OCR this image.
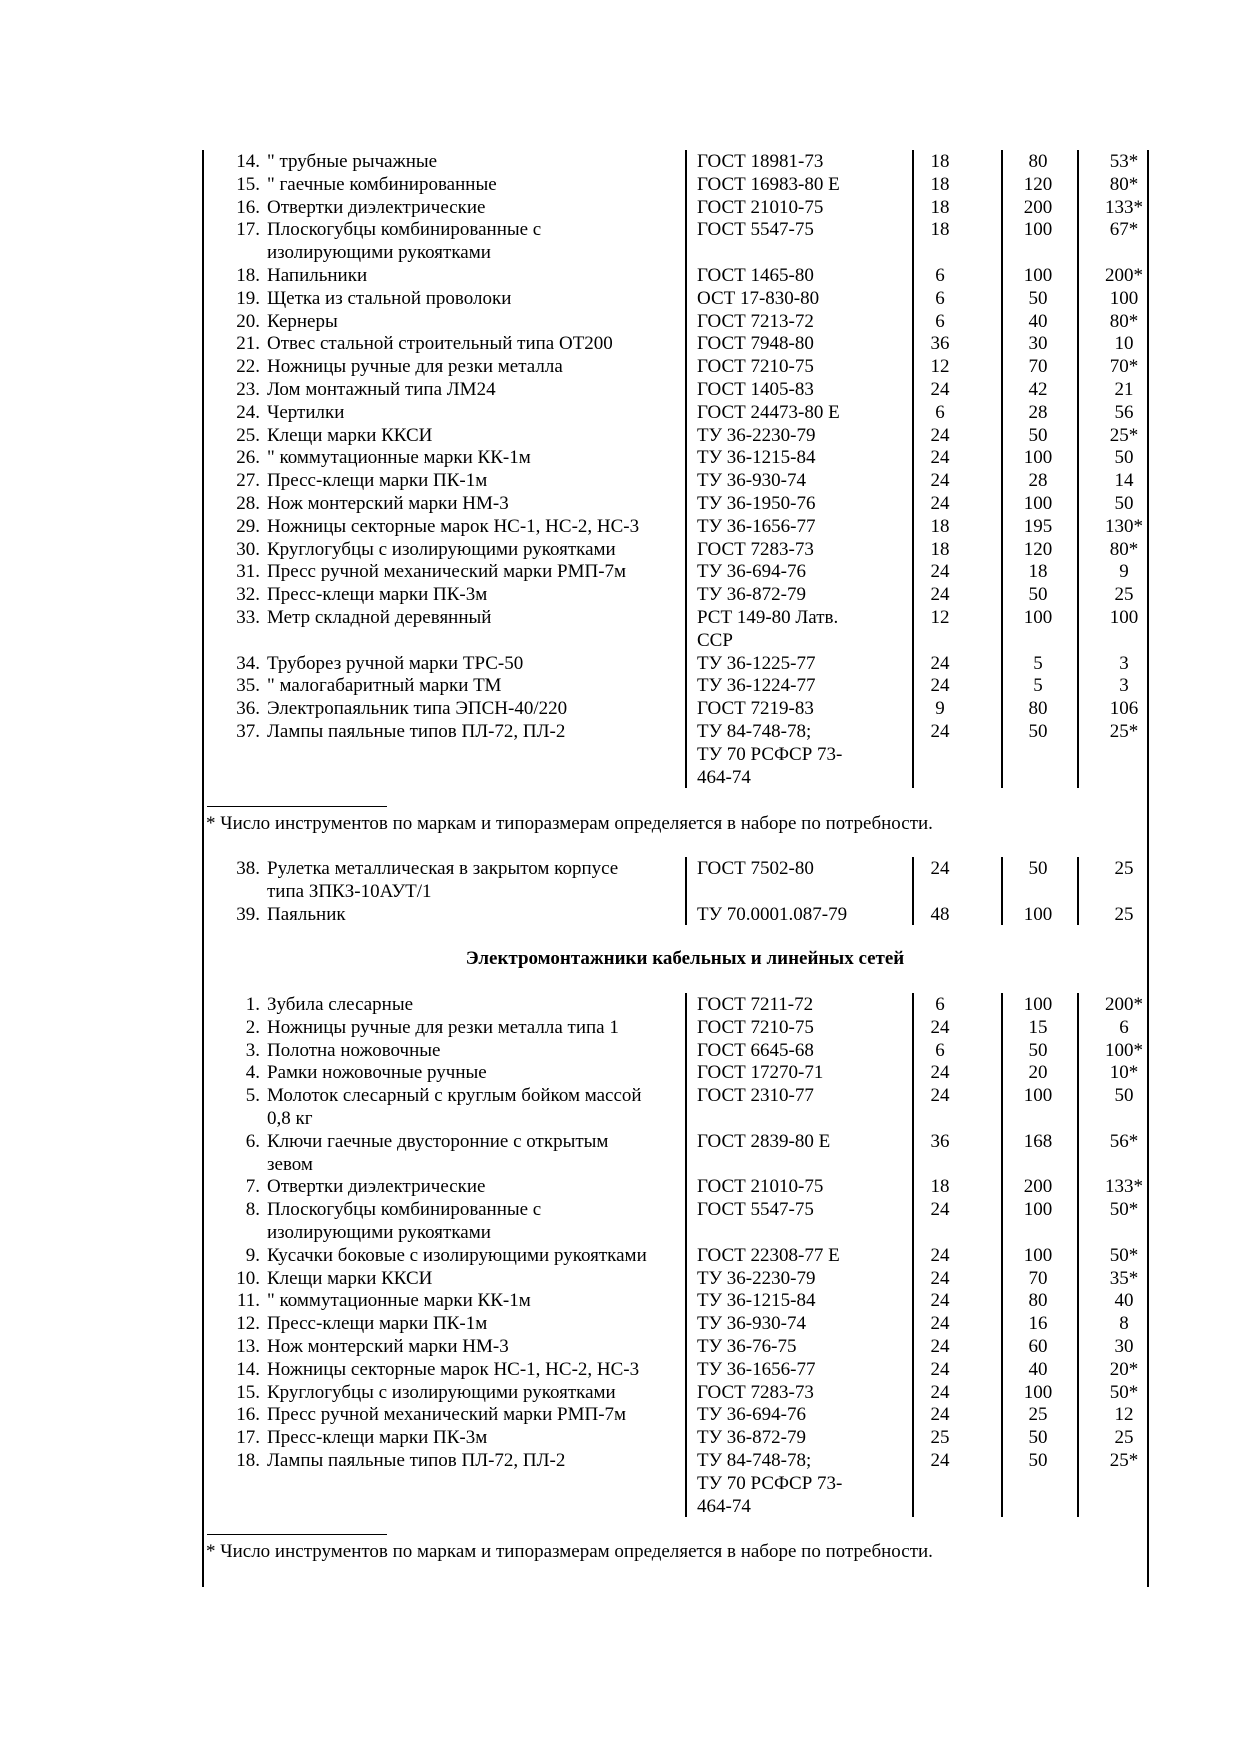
14. " трубные рычажные	ГОСТ 18981-73	18	80	53*
15. " гаечные комбинированные	ГОСТ 16983-80 Е	18	120	80*
16. Отвертки диэлектрические	ГОСТ 21010-75	18	200	133*
17. Плоскогубцы комбинированные с	ГОСТ 5547-75	18	100	67*
изолирующими рукоятками
18. Напильники	ГОСТ 1465-80	6	100	200*
19. Щетка из стальной проволоки	ОСТ 17-830-80	6	50	100
20. Кернеры	ГОСТ 7213-72	6	40	80*
21. Отвес стальной строительный типа ОТ200	ГОСТ 7948-80	36	30	10
22. Ножницы ручные для резки металла	ГОСТ 7210-75	12	70	70*
23. Лом монтажный типа ЛМ24	ГОСТ 1405-83	24	42	21
24. Чертилки	ГОСТ 24473-80 Е	6	28	56
25. Клещи марки ККСИ	ТУ 36-2230-79	24	50	25*
26. " коммутационные марки КК-1м	ТУ 36-1215-84	24	100	50
27. Пресс-клещи марки ПК-1м	ТУ 36-930-74	24	28	14
28. Нож монтерский марки НМ-3	ТУ 36-1950-76	24	100	50
29. Ножницы секторные марок НС-1, НС-2, НС-3	ТУ 36-1656-77	18	195	130*
30. Круглогубцы с изолирующими рукоятками	ГОСТ 7283-73	18	120	80*
31. Пресс ручной механический марки РМП-7м	ТУ 36-694-76	24	18	9
32. Пресс-клещи марки ПК-3м	ТУ 36-872-79	24	50	25
33. Метр складной деревянный	РСТ 149-80 Латв.	12	100	100
ССР
34. Труборез ручной марки ТРС-50	ТУ 36-1225-77	24	5	3
35. " малогабаритный марки ТМ	ТУ 36-1224-77	24	5	3
36. Электропаяльник типа ЭПСН-40/220	ГОСТ 7219-83	9	80	106
37. Лампы паяльные типов ПЛ-72, ПЛ-2	ТУ 84-748-78;	24	50	25*
ТУ 70 РСФСР 73-
464-74
* Число инструментов по маркам и типоразмерам определяется в наборе по потребности.
38. Рулетка металлическая в закрытом корпусе	ГОСТ 7502-80	24	50	25
типа ЗПКЗ-10АУТ/1
39. Паяльник	ТУ 70.0001.087-79	48	100	25
Электромонтажники кабельных и линейных сетей
1. Зубила слесарные	ГОСТ 7211-72	6	100	200*
2. Ножницы ручные для резки металла типа 1	ГОСТ 7210-75	24	15	6
3. Полотна ножовочные	ГОСТ 6645-68	6	50	100*
4. Рамки ножовочные ручные	ГОСТ 17270-71	24	20	10*
5. Молоток слесарный с круглым бойком массой	ГОСТ 2310-77	24	100	50
0,8 кг
6. Ключи гаечные двусторонние с открытым	ГОСТ 2839-80 Е	36	168	56*
зевом
7. Отвертки диэлектрические	ГОСТ 21010-75	18	200	133*
8. Плоскогубцы комбинированные с	ГОСТ 5547-75	24	100	50*
изолирующими рукоятками
9. Кусачки боковые с изолирующими рукоятками	ГОСТ 22308-77 Е	24	100	50*
10. Клещи марки ККСИ	ТУ 36-2230-79	24	70	35*
11. " коммутационные марки КК-1м	ТУ 36-1215-84	24	80	40
12. Пресс-клещи марки ПК-1м	ТУ 36-930-74	24	16	8
13. Нож монтерский марки НМ-3	ТУ 36-76-75	24	60	30
14. Ножницы секторные марок НС-1, НС-2, НС-3	ТУ 36-1656-77	24	40	20*
15. Круглогубцы с изолирующими рукоятками	ГОСТ 7283-73	24	100	50*
16. Пресс ручной механический марки РМП-7м	ТУ 36-694-76	24	25	12
17. Пресс-клещи марки ПК-3м	ТУ 36-872-79	25	50	25
18. Лампы паяльные типов ПЛ-72, ПЛ-2	ТУ 84-748-78;	24	50	25*
ТУ 70 РСФСР 73-
464-74
* Число инструментов по маркам и типоразмерам определяется в наборе по потребности.
